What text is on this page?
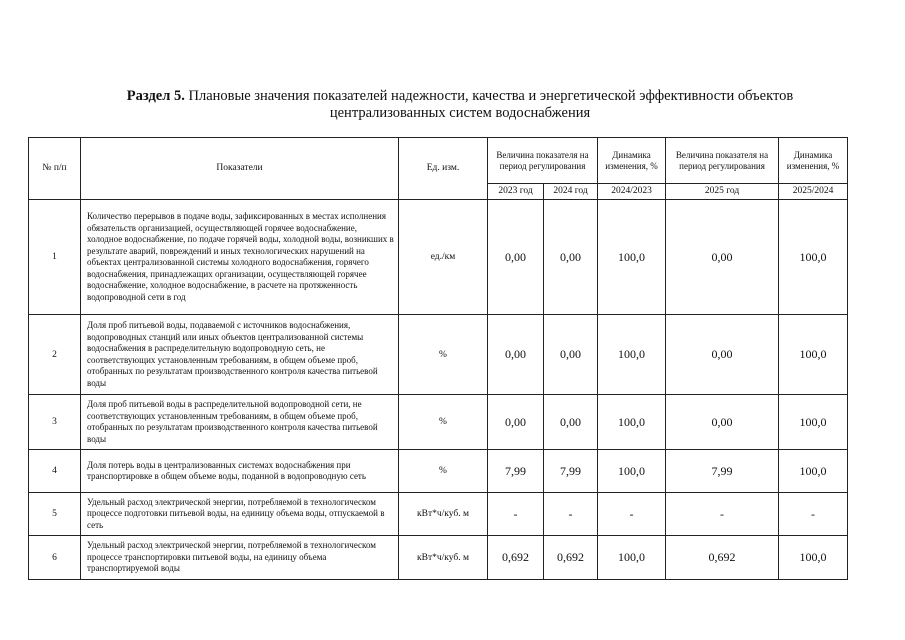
Раздел 5. Плановые значения показателей надежности, качества и энергетической эффективности объектов
централизованных систем водоснабжения
№ п/п	Показатели	Ед. изм.	Величина показателя на период регулирования		Динамика изменения, %	Величина показателя на период регулирования	Динамика изменения, %
			2023 год	2024 год	2024/2023	2025 год	2025/2024
1	Количество перерывов в подаче воды, зафиксированных в местах исполнения обязательств организацией, осуществляющей горячее водоснабжение, холодное водоснабжение, по подаче горячей воды, холодной воды, возникших в результате аварий, повреждений и иных технологических нарушений на объектах централизованной системы холодного водоснабжения, горячего водоснабжения, принадлежащих организации, осуществляющей горячее водоснабжение, холодное водоснабжение, в расчете на протяженность водопроводной сети в год	ед./км	0,00	0,00	100,0	0,00	100,0
2	Доля проб питьевой воды, подаваемой с источников водоснабжения, водопроводных станций или иных объектов централизованной системы водоснабжения в распределительную водопроводную сеть, не соответствующих установленным требованиям, в общем объеме проб, отобранных по результатам производственного контроля качества питьевой воды	%	0,00	0,00	100,0	0,00	100,0
3	Доля проб питьевой воды в распределительной водопроводной сети, не соответствующих установленным требованиям, в общем объеме проб, отобранных по результатам производственного контроля качества питьевой воды	%	0,00	0,00	100,0	0,00	100,0
4	Доля потерь воды в централизованных системах водоснабжения при транспортировке в общем объеме воды, поданной в водопроводную сеть	%	7,99	7,99	100,0	7,99	100,0
5	Удельный расход электрической энергии, потребляемой в технологическом процессе подготовки питьевой воды, на единицу объема воды, отпускаемой в сеть	кВт*ч/куб. м	-	-	-	-	-
6	Удельный расход электрической энергии, потребляемой в технологическом процессе транспортировки питьевой воды, на единицу объема транспортируемой воды	кВт*ч/куб. м	0,692	0,692	100,0	0,692	100,0
